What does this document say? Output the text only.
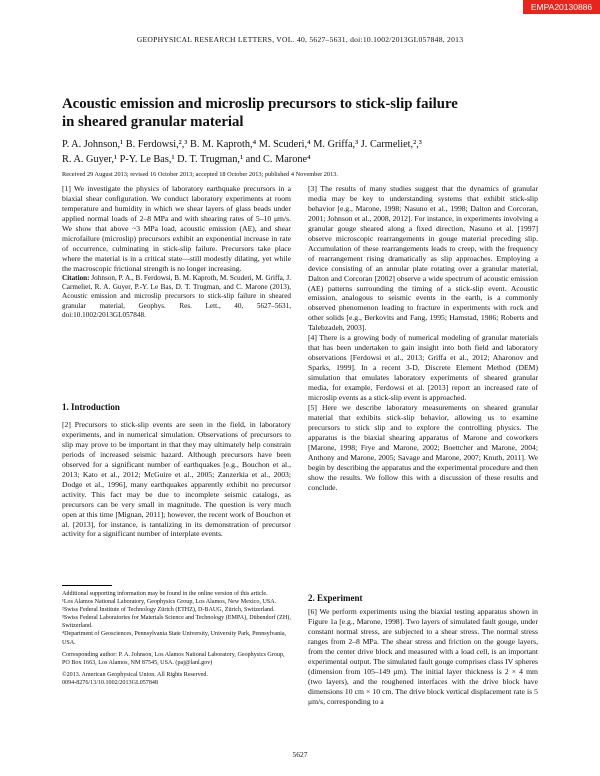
EMPA20130886
GEOPHYSICAL RESEARCH LETTERS, VOL. 40, 5627–5631, doi:10.1002/2013GL057848, 2013
Acoustic emission and microslip precursors to stick-slip failure
in sheared granular material
P. A. Johnson,¹ B. Ferdowsi,²,³ B. M. Kaproth,⁴ M. Scuderi,⁴ M. Griffa,³ J. Carmeliet,²,³
R. A. Guyer,¹ P-Y. Le Bas,¹ D. T. Trugman,¹ and C. Marone⁴
Received 29 August 2013; revised 16 October 2013; accepted 18 October 2013; published 4 November 2013.

[1] We investigate the physics of laboratory earthquake precursors in a biaxial shear configuration. We conduct laboratory experiments at room temperature and humidity in which we shear layers of glass beads under applied normal loads of 2–8 MPa and with shearing rates of 5–10 μm/s. We show that above ~3 MPa load, acoustic emission (AE), and shear microfailure (microslip) precursors exhibit an exponential increase in rate of occurrence, culminating in stick-slip failure. Precursors take place where the material is in a critical state—still modestly dilating, yet while the macroscopic frictional strength is no longer increasing.

Citation: Johnson, P. A., B. Ferdowsi, B. M. Kaproth, M. Scuderi, M. Griffa, J. Carmeliet, R. A. Guyer, P.-Y. Le Bas, D. T. Trugman, and C. Marone (2013), Acoustic emission and microslip precursors to stick-slip failure in sheared granular material, Geophys. Res. Lett., 40, 5627–5631, doi:10.1002/2013GL057848.

1. Introduction

[2] Precursors to stick-slip events are seen in the field, in laboratory experiments, and in numerical simulation. Observations of precursors to slip may prove to be important in that they may ultimately help constrain periods of increased seismic hazard. Although precursors have been observed for a significant number of earthquakes [e.g., Bouchon et al., 2013; Kato et al., 2012; McGuire et al., 2005; Zanzerkia et al., 2003; Dodge et al., 1996], many earthquakes apparently exhibit no precursor activity. This fact may be due to incomplete seismic catalogs, as precursors can be very small in magnitude. The question is very much open at this time [Mignan, 2011]; however, the recent work of Bouchon et al. [2013], for instance, is tantalizing in its demonstration of precursor activity for a significant number of interplate events.

Additional supporting information may be found in the online version of this article.

¹Los Alamos National Laboratory, Geophysics Group, Los Alamos, New Mexico, USA.

²Swiss Federal Institute of Technology Zürich (ETHZ), D-BAUG, Zürich, Switzerland.

³Swiss Federal Laboratories for Materials Science and Technology (EMPA), Dübendorf (ZH), Switzerland.

⁴Department of Geosciences, Pennsylvania State University, University Park, Pennsylvania, USA.

Corresponding author: P. A. Johnson, Los Alamos National Laboratory, Geophysics Group, PO Box 1663, Los Alamos, NM 87545, USA. (paj@lanl.gov)

©2013. American Geophysical Union. All Rights Reserved.

0094-8276/13/10.1002/2013GL057848

[3] The results of many studies suggest that the dynamics of granular media may be key to understanding systems that exhibit stick-slip behavior [e.g., Marone, 1998; Nasuno et al., 1998; Dalton and Corcoran, 2001; Johnson et al., 2008, 2012]. For instance, in experiments involving a granular gouge sheared along a fixed direction, Nasuno et al. [1997] observe microscopic rearrangements in gouge material preceding slip. Accumulation of these rearrangements leads to creep, with the frequency of rearrangement rising dramatically as slip approaches. Employing a device consisting of an annular plate rotating over a granular material, Dalton and Corcoran [2002] observe a wide spectrum of acoustic emission (AE) patterns surrounding the timing of a stick-slip event. Acoustic emission, analogous to seismic events in the earth, is a commonly observed phenomenon leading to fracture in experiments with rock and other solids [e.g., Berkovits and Fang, 1995; Hamstad, 1986; Roberts and Talebzadeh, 2003].

[4] There is a growing body of numerical modeling of granular materials that has been undertaken to gain insight into both field and laboratory observations [Ferdowsi et al., 2013; Griffa et al., 2012; Aharonov and Sparks, 1999]. In a recent 3-D, Discrete Element Method (DEM) simulation that emulates laboratory experiments of sheared granular media, for example, Ferdowsi et al. [2013] report an increased rate of microslip events as a stick-slip event is approached.

[5] Here we describe laboratory measurements on sheared granular material that exhibits stick-slip behavior, allowing us to examine precursors to stick slip and to explore the controlling physics. The apparatus is the biaxial shearing apparatus of Marone and coworkers [Marone, 1998; Frye and Marone, 2002; Boettcher and Marone, 2004; Anthony and Marone, 2005; Savage and Marone, 2007; Knuth, 2011]. We begin by describing the apparatus and the experimental procedure and then show the results. We follow this with a discussion of these results and conclude.

2. Experiment

[6] We perform experiments using the biaxial testing apparatus shown in Figure 1a [e.g., Marone, 1998]. Two layers of simulated fault gouge, under constant normal stress, are subjected to a shear stress. The normal stress ranges from 2–8 MPa. The shear stress and friction on the gouge layers, from the center drive block and measured with a load cell, is an important experimental output. The simulated fault gouge comprises class IV spheres (dimension from 105–149 μm). The initial layer thickness is 2 × 4 mm (two layers), and the roughened interfaces with the drive block have dimensions 10 cm × 10 cm. The drive block vertical displacement rate is 5 μm/s, corresponding to a

5627
